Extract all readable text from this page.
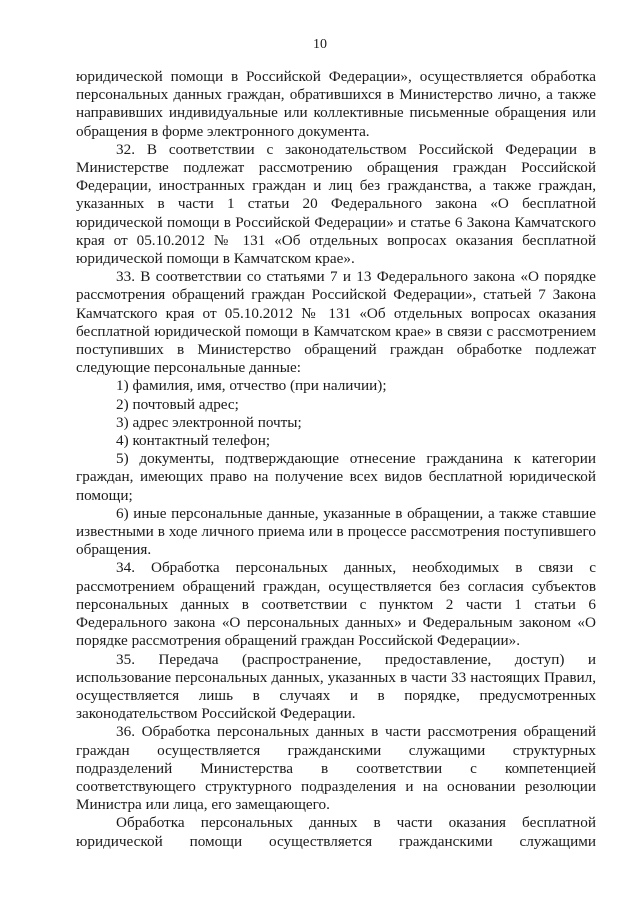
10

юридической помощи в Российской Федерации», осуществляется обработка персональных данных граждан, обратившихся в Министерство лично, а также направивших индивидуальные или коллективные письменные обращения или обращения в форме электронного документа.

32. В соответствии с законодательством Российской Федерации в Министерстве подлежат рассмотрению обращения граждан Российской Федерации, иностранных граждан и лиц без гражданства, а также граждан, указанных в части 1 статьи 20 Федерального закона «О бесплатной юридической помощи в Российской Федерации» и статье 6 Закона Камчатского края от 05.10.2012 № 131 «Об отдельных вопросах оказания бесплатной юридической помощи в Камчатском крае».

33. В соответствии со статьями 7 и 13 Федерального закона «О порядке рассмотрения обращений граждан Российской Федерации», статьей 7 Закона Камчатского края от 05.10.2012 № 131 «Об отдельных вопросах оказания бесплатной юридической помощи в Камчатском крае» в связи с рассмотрением поступивших в Министерство обращений граждан обработке подлежат следующие персональные данные:

1) фамилия, имя, отчество (при наличии);

2) почтовый адрес;

3) адрес электронной почты;

4) контактный телефон;

5) документы, подтверждающие отнесение гражданина к категории граждан, имеющих право на получение всех видов бесплатной юридической помощи;

6) иные персональные данные, указанные в обращении, а также ставшие известными в ходе личного приема или в процессе рассмотрения поступившего обращения.

34. Обработка персональных данных, необходимых в связи с рассмотрением обращений граждан, осуществляется без согласия субъектов персональных данных в соответствии с пунктом 2 части 1 статьи 6 Федерального закона «О персональных данных» и Федеральным законом «О порядке рассмотрения обращений граждан Российской Федерации».

35. Передача (распространение, предоставление, доступ) и использование персональных данных, указанных в части 33 настоящих Правил, осуществляется лишь в случаях и в порядке, предусмотренных законодательством Российской Федерации.

36. Обработка персональных данных в части рассмотрения обращений граждан осуществляется гражданскими служащими структурных подразделений Министерства в соответствии с компетенцией соответствующего структурного подразделения и на основании резолюции Министра или лица, его замещающего.

Обработка персональных данных в части оказания бесплатной юридической помощи осуществляется гражданскими служащими
